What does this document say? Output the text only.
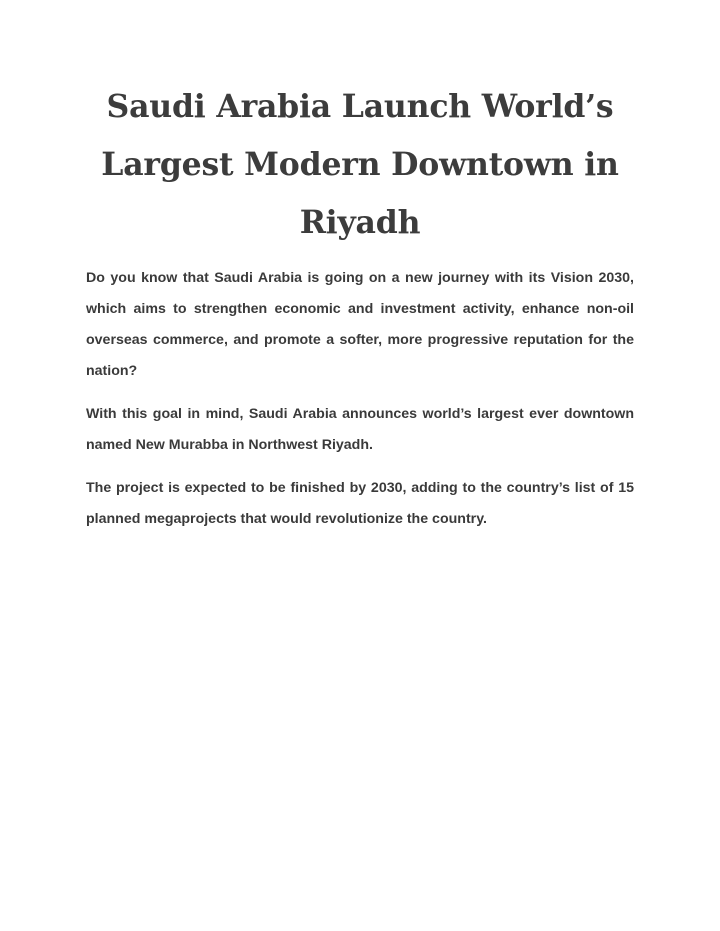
Saudi Arabia Launch World’s Largest Modern Downtown in Riyadh

Do you know that Saudi Arabia is going on a new journey with its Vision 2030, which aims to strengthen economic and investment activity, enhance non-oil overseas commerce, and promote a softer, more progressive reputation for the nation?

With this goal in mind, Saudi Arabia announces world’s largest ever downtown named New Murabba in Northwest Riyadh.

The project is expected to be finished by 2030, adding to the country’s list of 15 planned megaprojects that would revolutionize the country.
